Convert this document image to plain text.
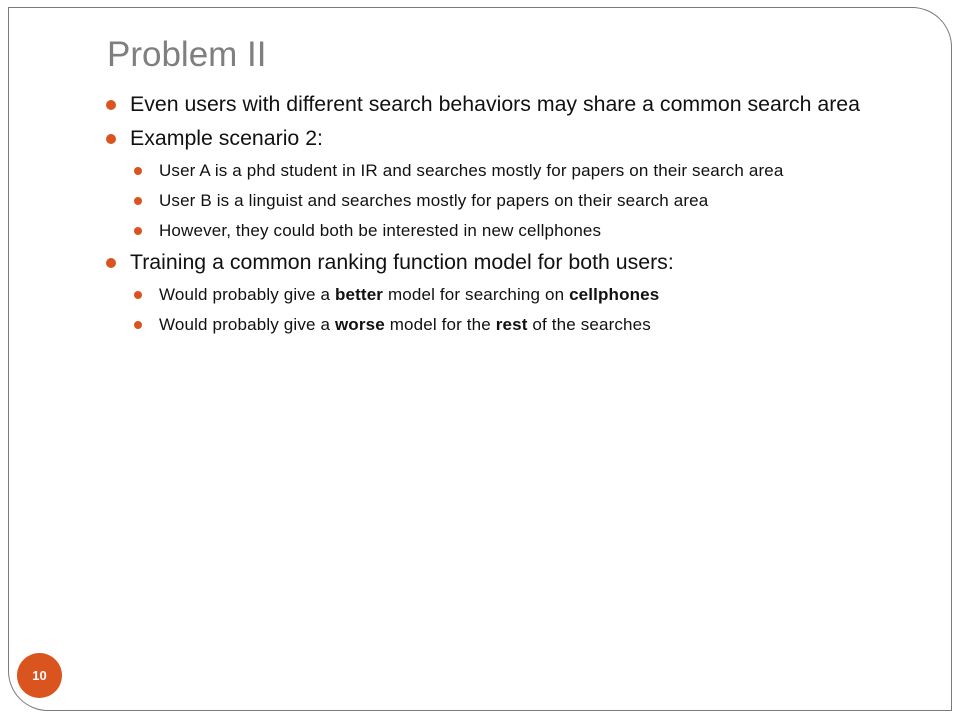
Problem II
Even users with different search behaviors may share a common search area
Example scenario 2:
User A is a phd student in IR and searches mostly for papers on their search area
User B is a linguist and searches mostly for papers on their search area
However, they could both be interested in new cellphones
Training a common ranking function model for both users:
Would probably give a better model for searching on cellphones
Would probably give a worse model for the rest of the searches
10
